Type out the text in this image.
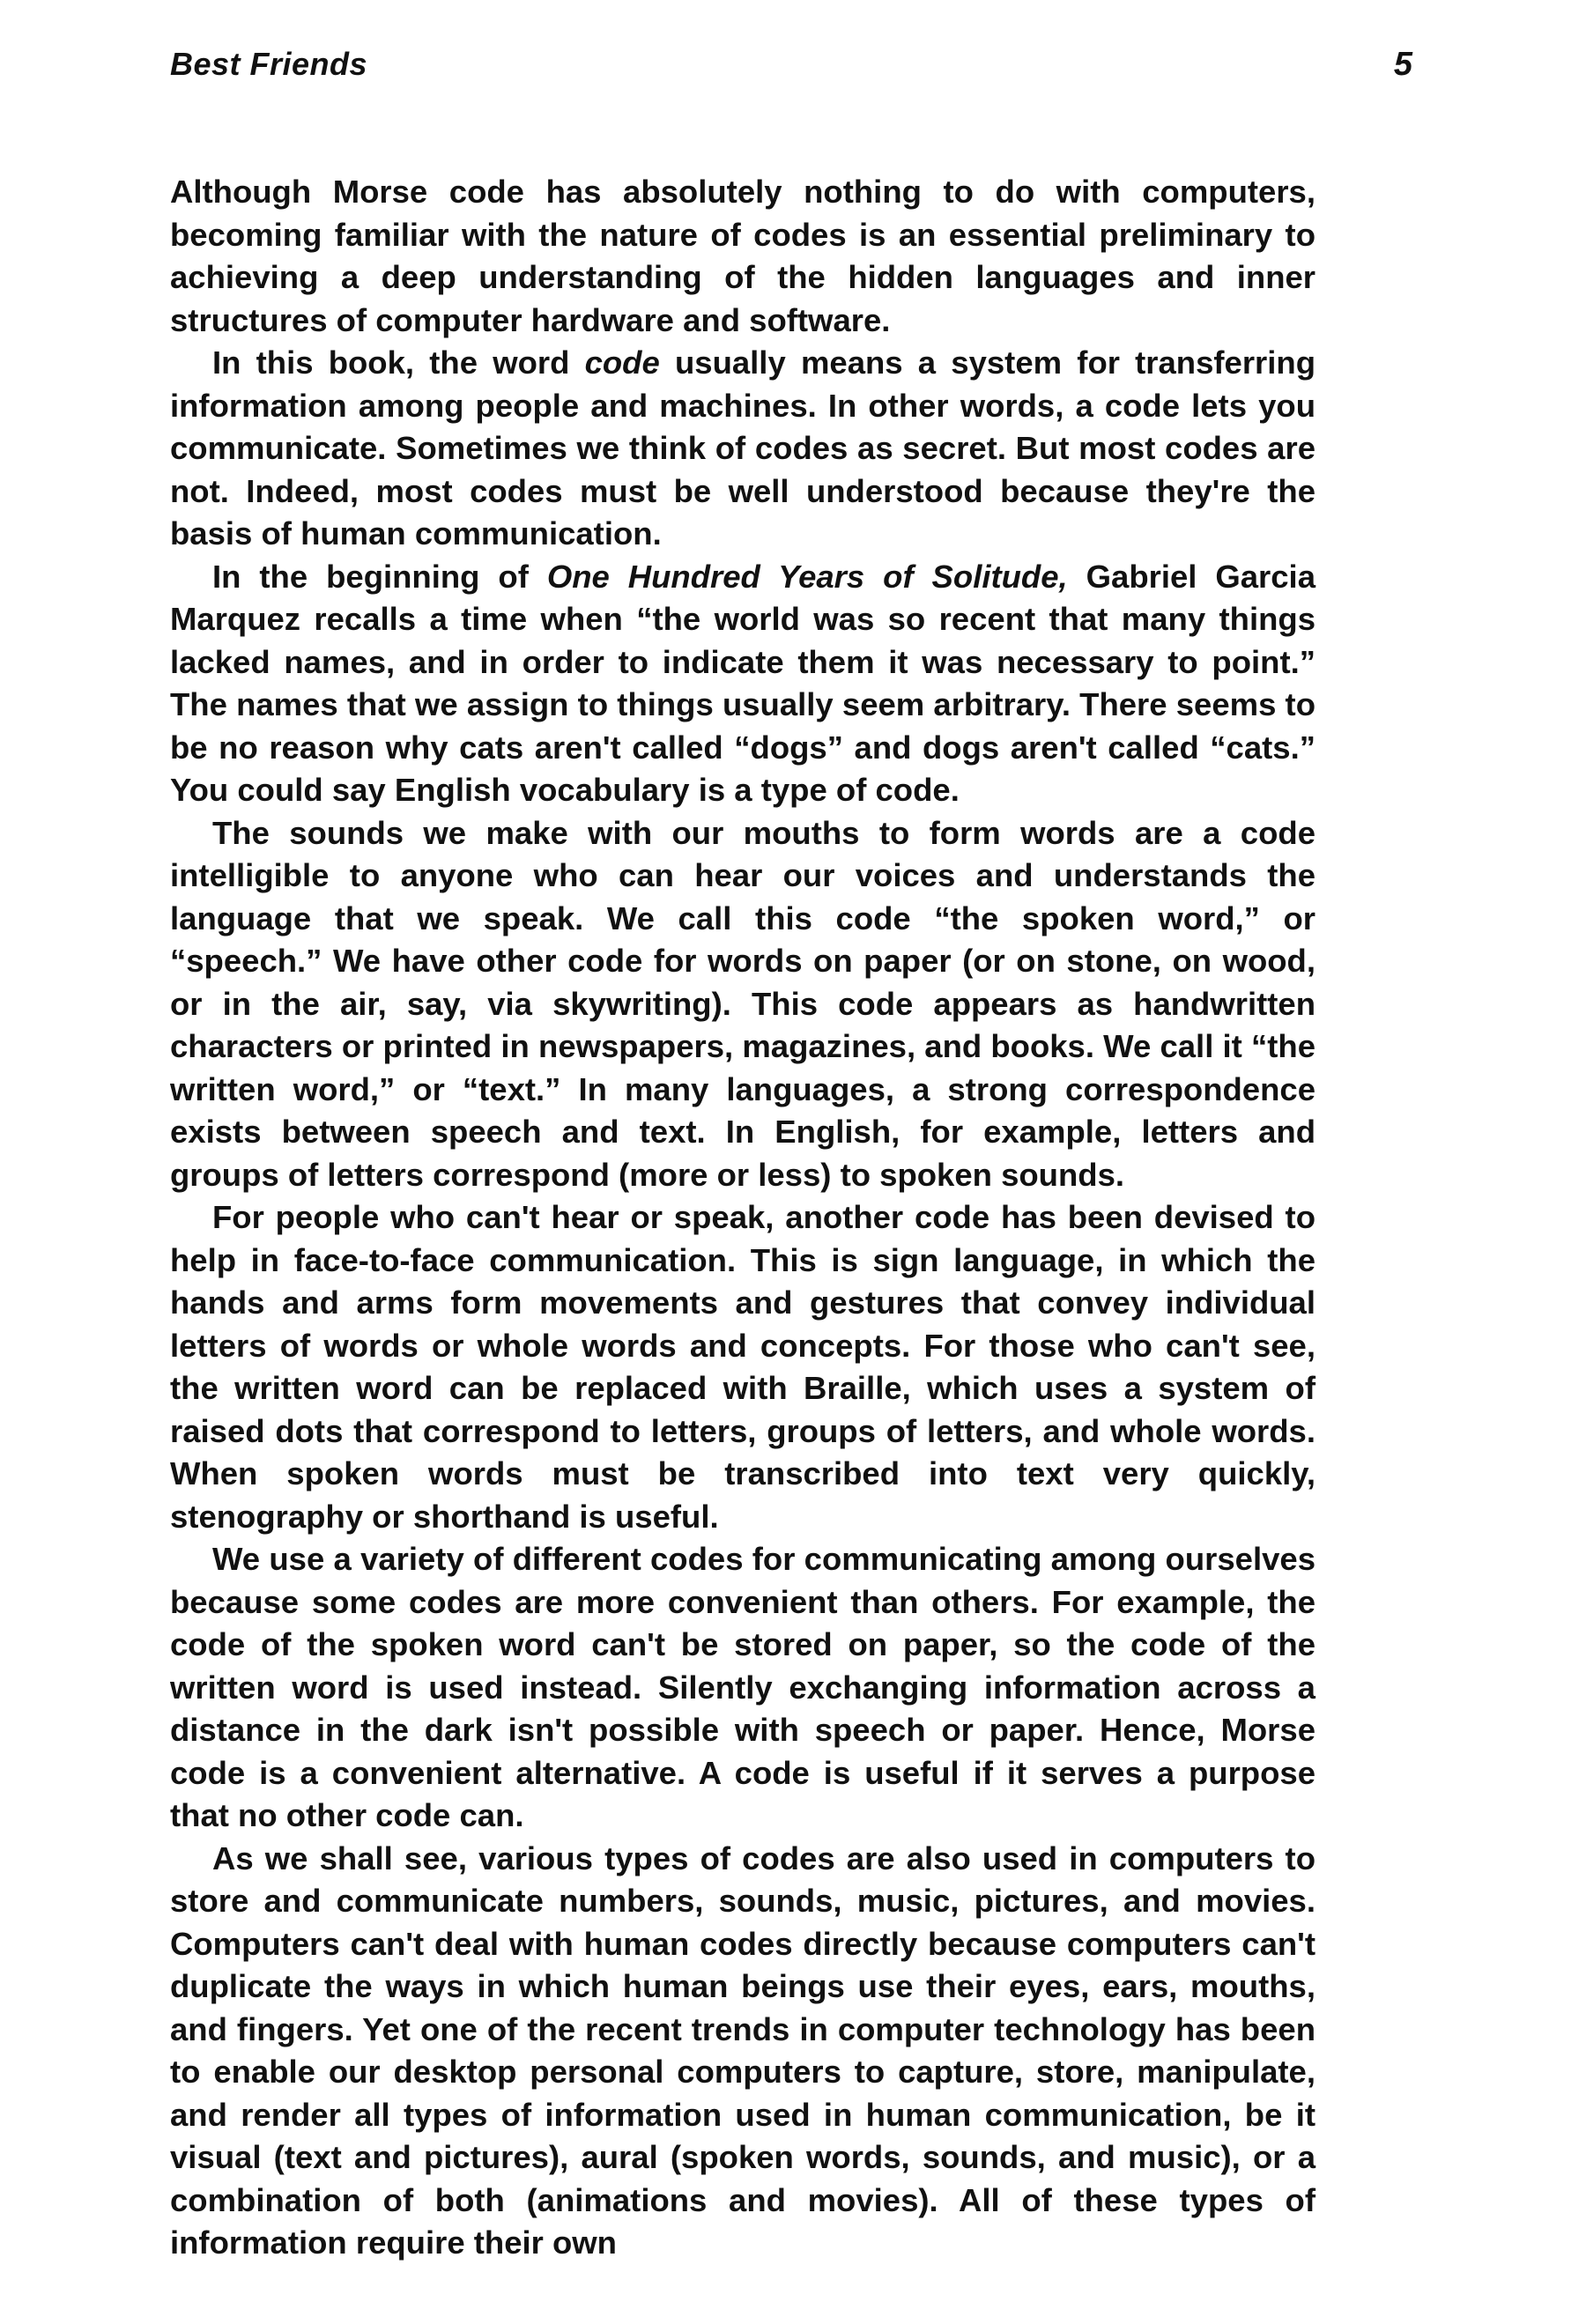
Best Friends	5

Although Morse code has absolutely nothing to do with computers, becoming familiar with the nature of codes is an essential preliminary to achieving a deep understanding of the hidden languages and inner structures of computer hardware and software.

In this book, the word code usually means a system for transferring information among people and machines. In other words, a code lets you communicate. Sometimes we think of codes as secret. But most codes are not. Indeed, most codes must be well understood because they're the basis of human communication.

In the beginning of One Hundred Years of Solitude, Gabriel Garcia Marquez recalls a time when “the world was so recent that many things lacked names, and in order to indicate them it was necessary to point.” The names that we assign to things usually seem arbitrary. There seems to be no reason why cats aren't called “dogs” and dogs aren't called “cats.” You could say English vocabulary is a type of code.

The sounds we make with our mouths to form words are a code intelligible to anyone who can hear our voices and understands the language that we speak. We call this code “the spoken word,” or “speech.” We have other code for words on paper (or on stone, on wood, or in the air, say, via skywriting). This code appears as handwritten characters or printed in newspapers, magazines, and books. We call it “the written word,” or “text.” In many languages, a strong correspondence exists between speech and text. In English, for example, letters and groups of letters correspond (more or less) to spoken sounds.

For people who can't hear or speak, another code has been devised to help in face-to-face communication. This is sign language, in which the hands and arms form movements and gestures that convey individual letters of words or whole words and concepts. For those who can't see, the written word can be replaced with Braille, which uses a system of raised dots that correspond to letters, groups of letters, and whole words. When spoken words must be transcribed into text very quickly, stenography or shorthand is useful.

We use a variety of different codes for communicating among ourselves because some codes are more convenient than others. For example, the code of the spoken word can't be stored on paper, so the code of the written word is used instead. Silently exchanging information across a distance in the dark isn't possible with speech or paper. Hence, Morse code is a convenient alternative. A code is useful if it serves a purpose that no other code can.

As we shall see, various types of codes are also used in computers to store and communicate numbers, sounds, music, pictures, and movies. Computers can't deal with human codes directly because computers can't duplicate the ways in which human beings use their eyes, ears, mouths, and fingers. Yet one of the recent trends in computer technology has been to enable our desktop personal computers to capture, store, manipulate, and render all types of information used in human communication, be it visual (text and pictures), aural (spoken words, sounds, and music), or a combination of both (animations and movies). All of these types of information require their own
